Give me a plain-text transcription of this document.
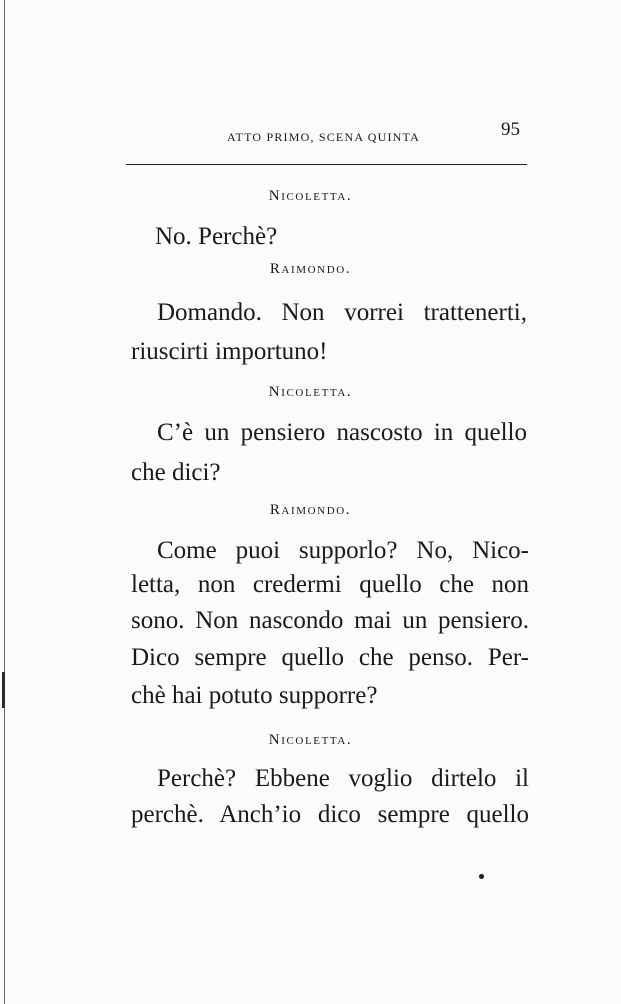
ATTO PRIMO, SCENA QUINTA	95
Nicoletta.

No. Perchè?

Raimondo.

Domando. Non vorrei trattenerti,

riuscirti importuno!

Nicoletta.

C’è un pensiero nascosto in quello

che dici?

Raimondo.

Come puoi supporlo? No, Nico-

letta, non credermi quello che non

sono. Non nascondo mai un pensiero.

Dico sempre quello che penso. Per-

chè hai potuto supporre?

Nicoletta.

Perchè? Ebbene voglio dirtelo il

perchè. Anch’io dico sempre quello
